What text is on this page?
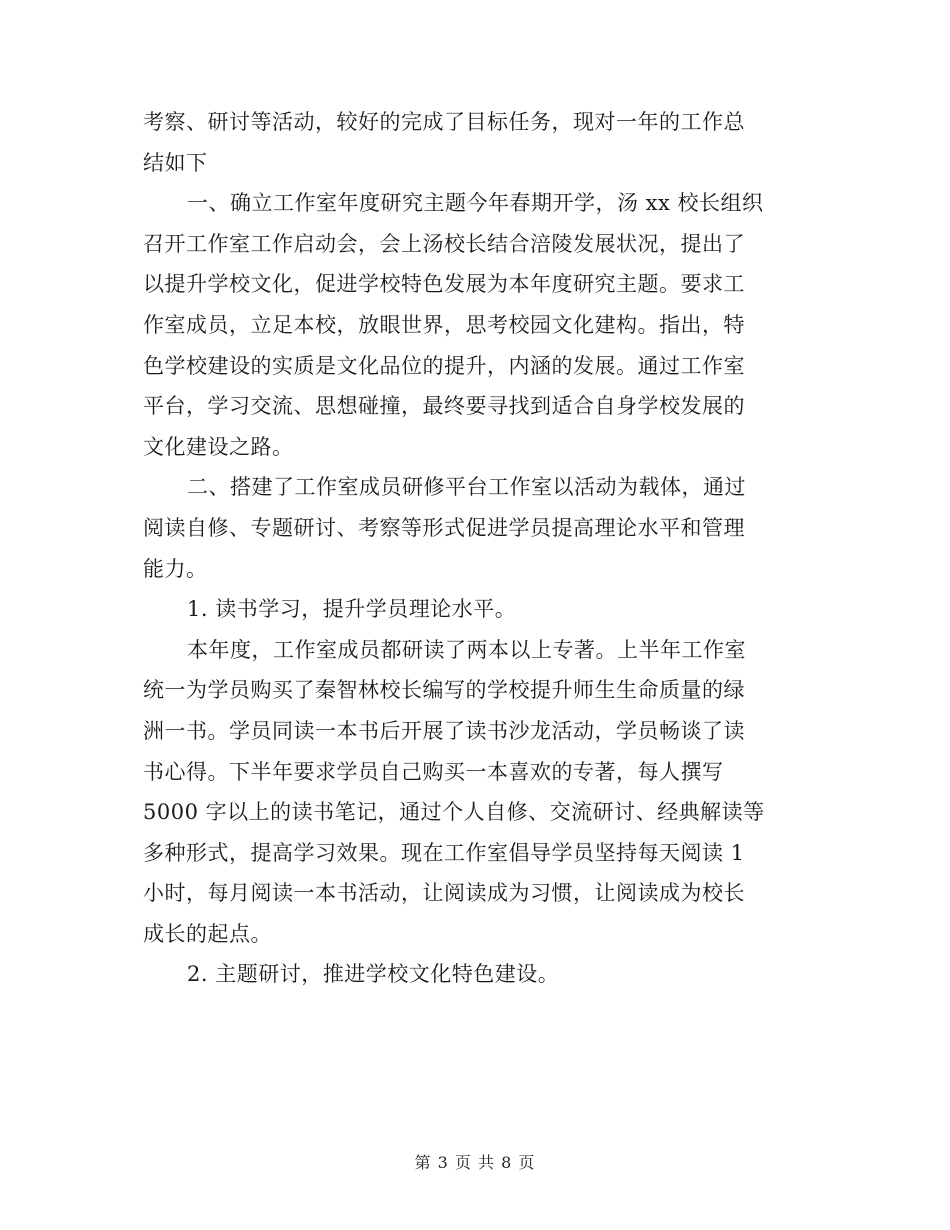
考察、研讨等活动，较好的完成了目标任务，现对一年的工作总
结如下
一、确立工作室年度研究主题今年春期开学，汤 xx 校长组织
召开工作室工作启动会，会上汤校长结合涪陵发展状况，提出了
以提升学校文化，促进学校特色发展为本年度研究主题。要求工
作室成员，立足本校，放眼世界，思考校园文化建构。指出，特
色学校建设的实质是文化品位的提升，内涵的发展。通过工作室
平台，学习交流、思想碰撞，最终要寻找到适合自身学校发展的
文化建设之路。
二、搭建了工作室成员研修平台工作室以活动为载体，通过
阅读自修、专题研讨、考察等形式促进学员提高理论水平和管理
能力。
1. 读书学习，提升学员理论水平。
本年度，工作室成员都研读了两本以上专著。上半年工作室
统一为学员购买了秦智林校长编写的学校提升师生生命质量的绿
洲一书。学员同读一本书后开展了读书沙龙活动，学员畅谈了读
书心得。下半年要求学员自己购买一本喜欢的专著，每人撰写
5000 字以上的读书笔记，通过个人自修、交流研讨、经典解读等
多种形式，提高学习效果。现在工作室倡导学员坚持每天阅读 1
小时，每月阅读一本书活动，让阅读成为习惯，让阅读成为校长
成长的起点。
2. 主题研讨，推进学校文化特色建设。
第 3 页 共 8 页
